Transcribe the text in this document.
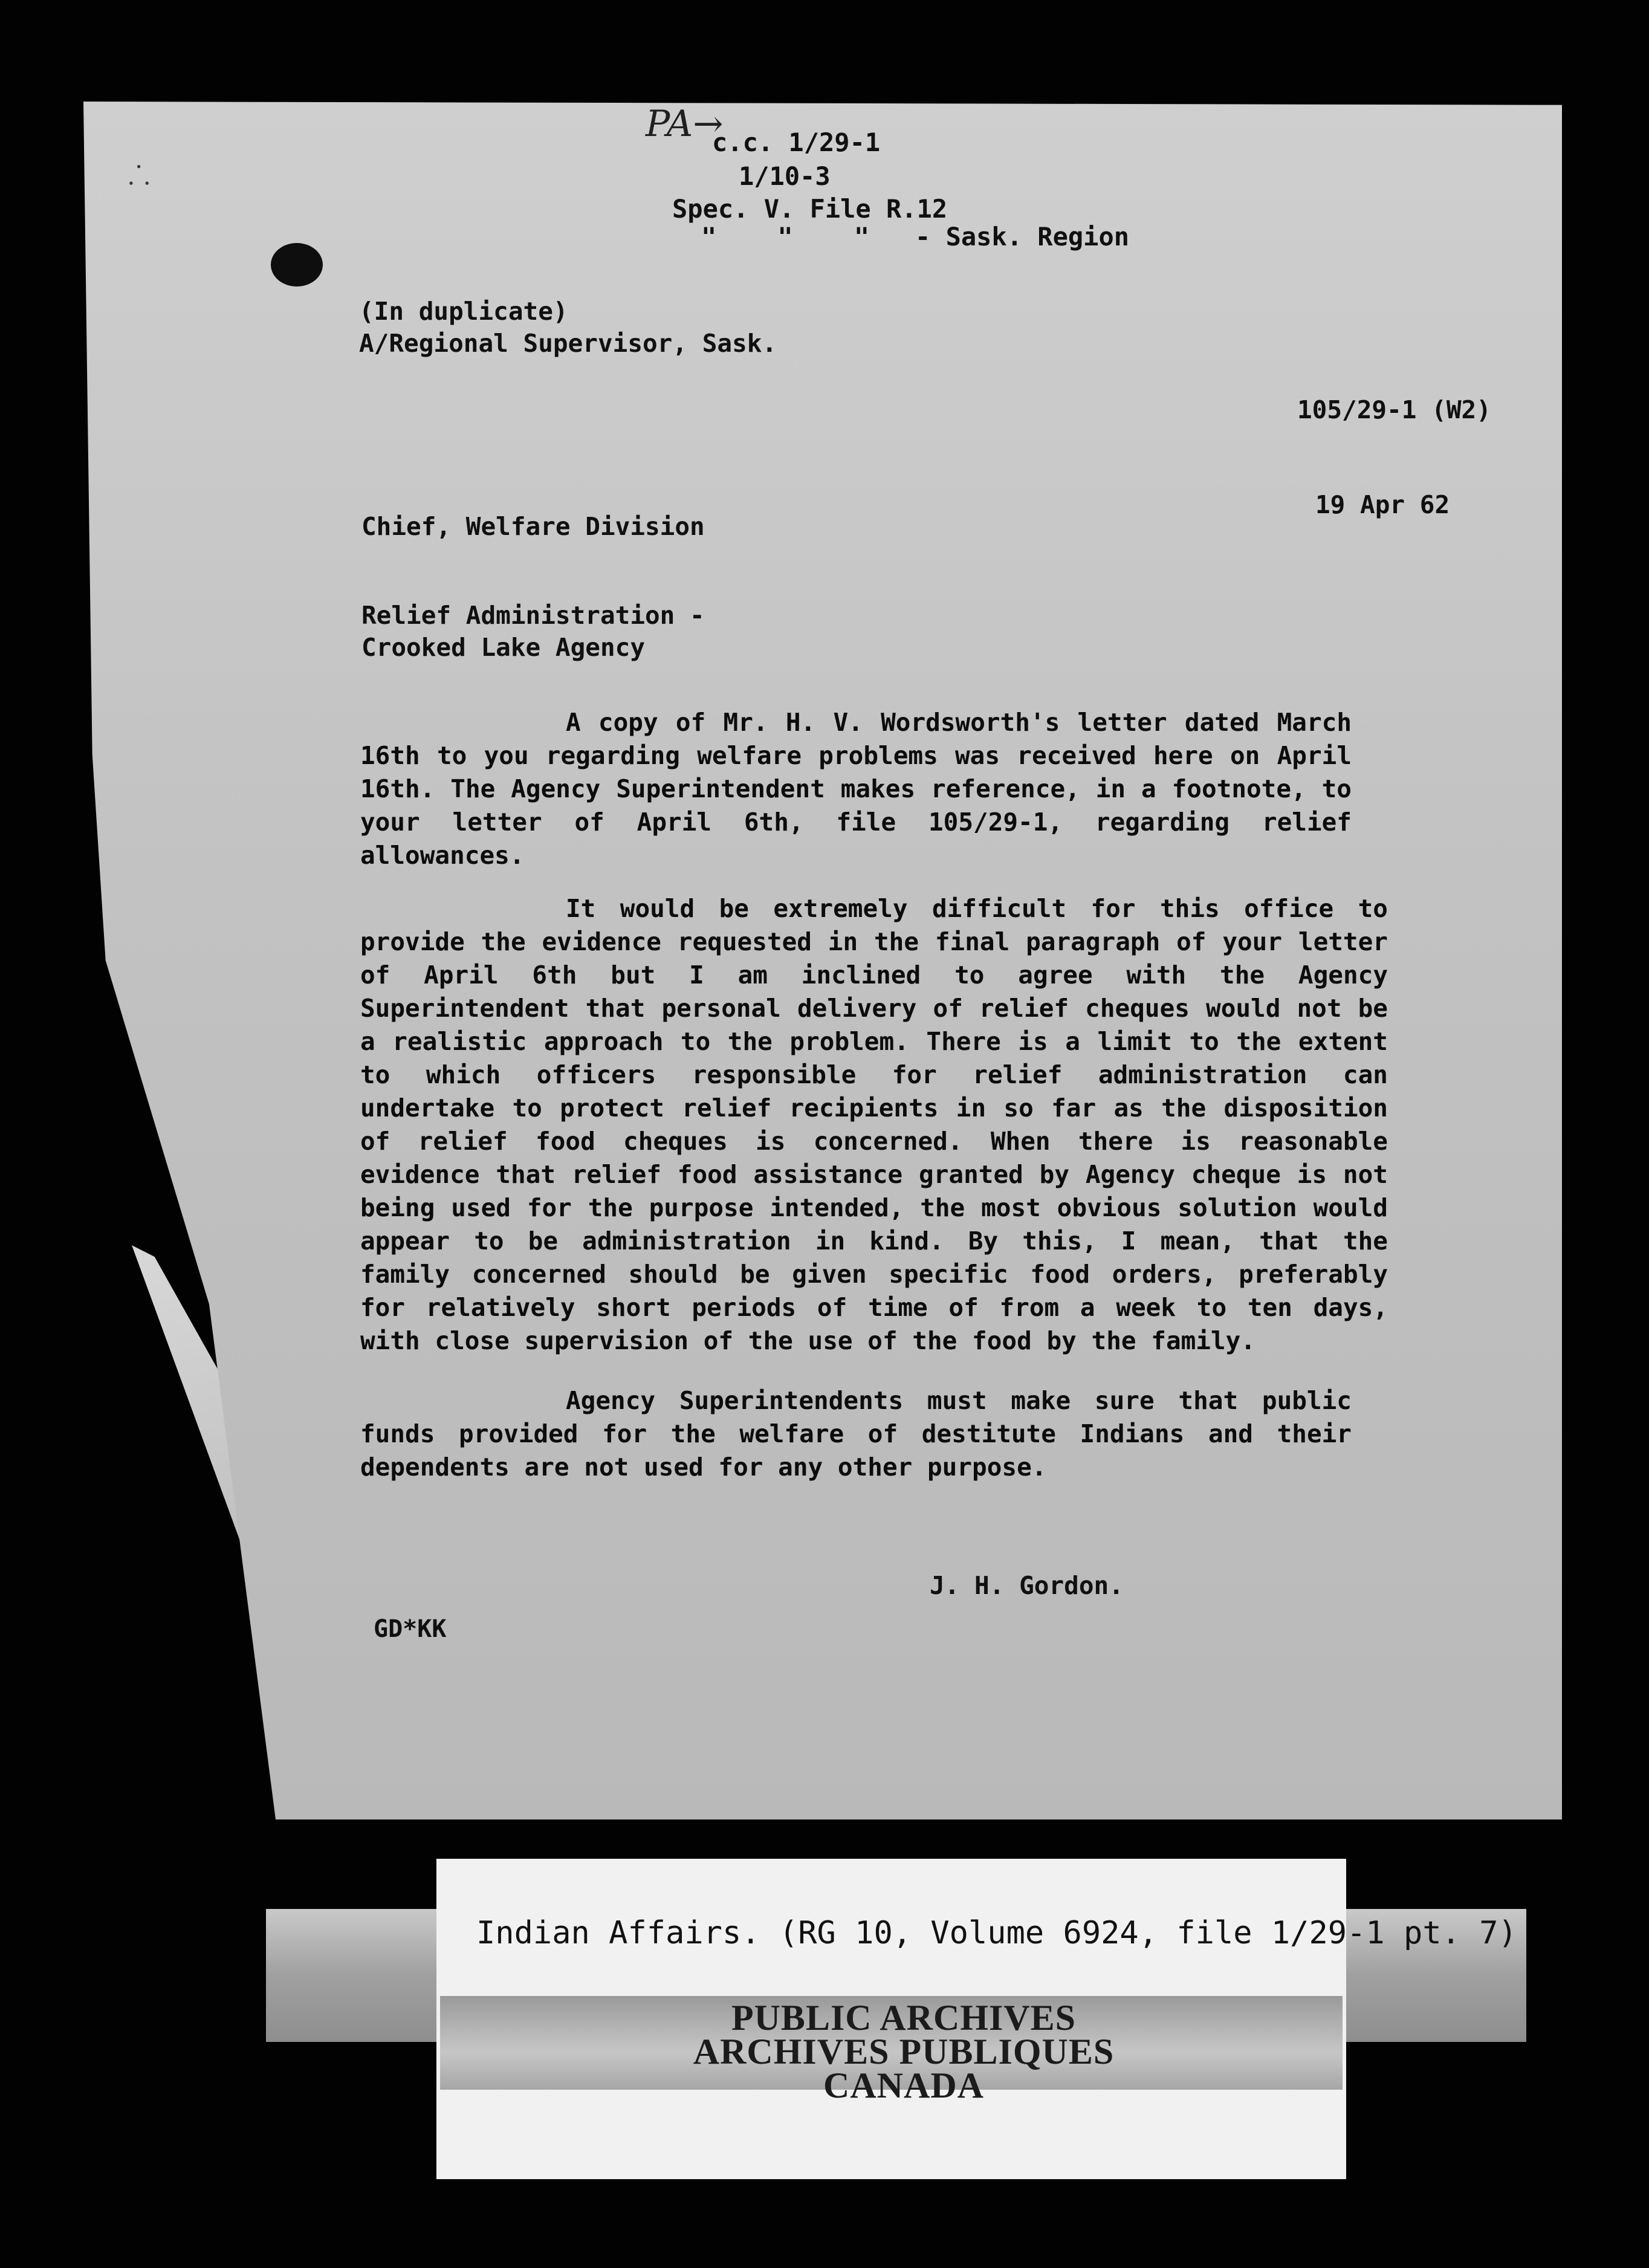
⸫
PA→
c.c. 1/29-1
1/10-3
Spec. V. File R.12
"    "    "   - Sask. Region
(In duplicate)
A/Regional Supervisor, Sask.
105/29-1 (W2)
19 Apr 62
Chief, Welfare Division
Relief Administration -
Crooked Lake Agency

A copy of Mr. H. V. Wordsworth's letter dated March 16th to you regarding welfare problems was received here on April 16th. The Agency Superintendent makes reference, in a footnote, to your letter of April 6th, file 105/29-1, regarding relief allowances.

It would be extremely difficult for this office to provide the evidence requested in the final paragraph of your letter of April 6th but I am inclined to agree with the Agency Superintendent that personal delivery of relief cheques would not be a realistic approach to the problem. There is a limit to the extent to which officers responsible for relief administration can undertake to protect relief recipients in so far as the disposition of relief food cheques is concerned. When there is reasonable evidence that relief food assistance granted by Agency cheque is not being used for the purpose intended, the most obvious solution would appear to be administration in kind. By this, I mean, that the family concerned should be given specific food orders, preferably for relatively short periods of time of from a week to ten days, with close supervision of the use of the food by the family.

Agency Superintendents must make sure that public funds provided for the welfare of destitute Indians and their dependents are not used for any other purpose.

J. H. Gordon.
GD*KK
Indian Affairs. (RG 10, Volume 6924, file 1/29-1 pt. 7)
PUBLIC ARCHIVES
ARCHIVES PUBLIQUES
CANADA
